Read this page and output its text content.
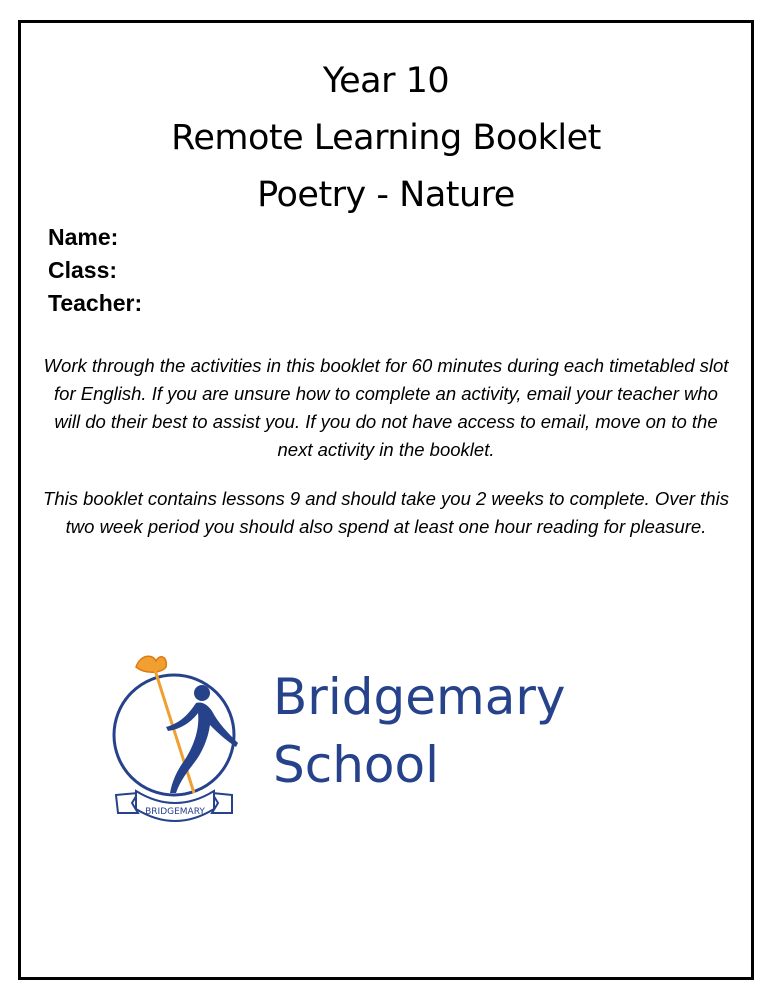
Year 10
Remote Learning Booklet
Poetry - Nature
Name:
Class:
Teacher:
Work through the activities in this booklet for 60 minutes during each timetabled slot for English. If you are unsure how to complete an activity, email your teacher who will do their best to assist you. If you do not have access to email, move on to the next activity in the booklet.
This booklet contains lessons 9 and should take you 2 weeks to complete. Over this two week period you should also spend at least one hour reading for pleasure.
BRIDGEMARY
Bridgemary
School
